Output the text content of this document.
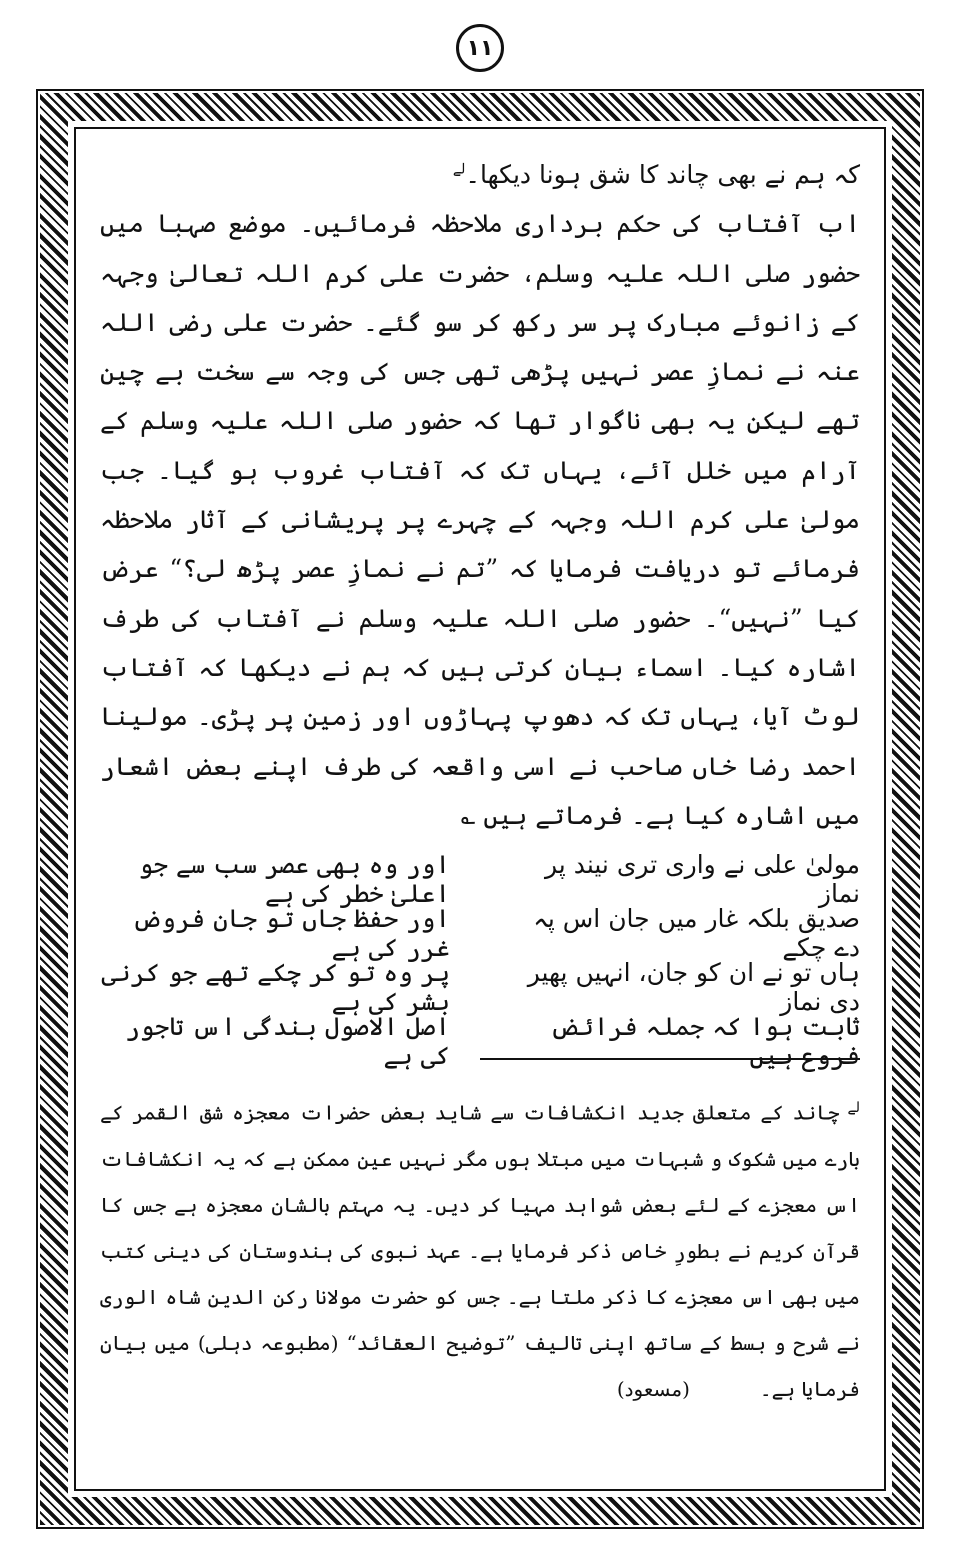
۱۱

کہ ہم نے بھی چاند کا شق ہونا دیکھا۔$^{لے}$

اب آفتاب کی حکم برداری ملاحظہ فرمائیں۔ موضع صہبا میں حضور صلی اللہ علیہ وسلم، حضرت علی کرم اللہ تعالیٰ وجہہ کے زانوئے مبارک پر سر رکھ کر سو گئے۔ حضرت علی رضی اللہ عنہ نے نمازِ عصر نہیں پڑھی تھی جس کی وجہ سے سخت بے چین تھے لیکن یہ بھی ناگوار تھا کہ حضور صلی اللہ علیہ وسلم کے آرام میں خلل آئے، یہاں تک کہ آفتاب غروب ہو گیا۔ جب مولیٰ علی کرم اللہ وجہہ کے چہرے پر پریشانی کے آثار ملاحظہ فرمائے تو دریافت فرمایا کہ ”تم نے نمازِ عصر پڑھ لی؟“ عرض کیا ”نہیں“۔ حضور صلی اللہ علیہ وسلم نے آفتاب کی طرف اشارہ کیا۔ اسماء بیان کرتی ہیں کہ ہم نے دیکھا کہ آفتاب لوٹ آیا، یہاں تک کہ دھوپ پہاڑوں اور زمین پر پڑی۔ مولینا احمد رضا خاں صاحب نے اسی واقعہ کی طرف اپنے بعض اشعار میں اشارہ کیا ہے۔ فرماتے ہیں ؎

مولیٰ علی نے واری تری نیند پر نماز
اور وہ بھی عصر سب سے جو اعلیٰ خطر کی ہے
صدیق بلکہ غار میں جان اس پہ دے چکے
اور حفظ جاں تو جان فروض غرر کی ہے
ہاں تو نے ان کو جان، انہیں پھیر دی نماز
پر وہ تو کر چکے تھے جو کرنی بشر کی ہے
ثابت ہوا کہ جملہ فرائض فروع ہیں
اصل الاصول بندگی اس تاجور کی ہے

$^{لے}$چاند کے متعلق جدید انکشافات سے شاید بعض حضرات معجزہ شق القمر کے بارے میں شکوک و شبہات میں مبتلا ہوں مگر نہیں عین ممکن ہے کہ یہ انکشافات اس معجزے کے لئے بعض شواہد مہیا کر دیں۔ یہ مہتم بالشان معجزہ ہے جس کا قرآن کریم نے بطورِ خاص ذکر فرمایا ہے۔ عہد نبوی کی ہندوستان کی دینی کتب میں بھی اس معجزے کا ذکر ملتا ہے۔ جس کو حضرت مولانا رکن الدین شاہ الوری نے شرح و بسط کے ساتھ اپنی تالیف ”توضیح العقائد“ (مطبوعہ دہلی) میں بیان فرمایا ہے۔(مسعود)
